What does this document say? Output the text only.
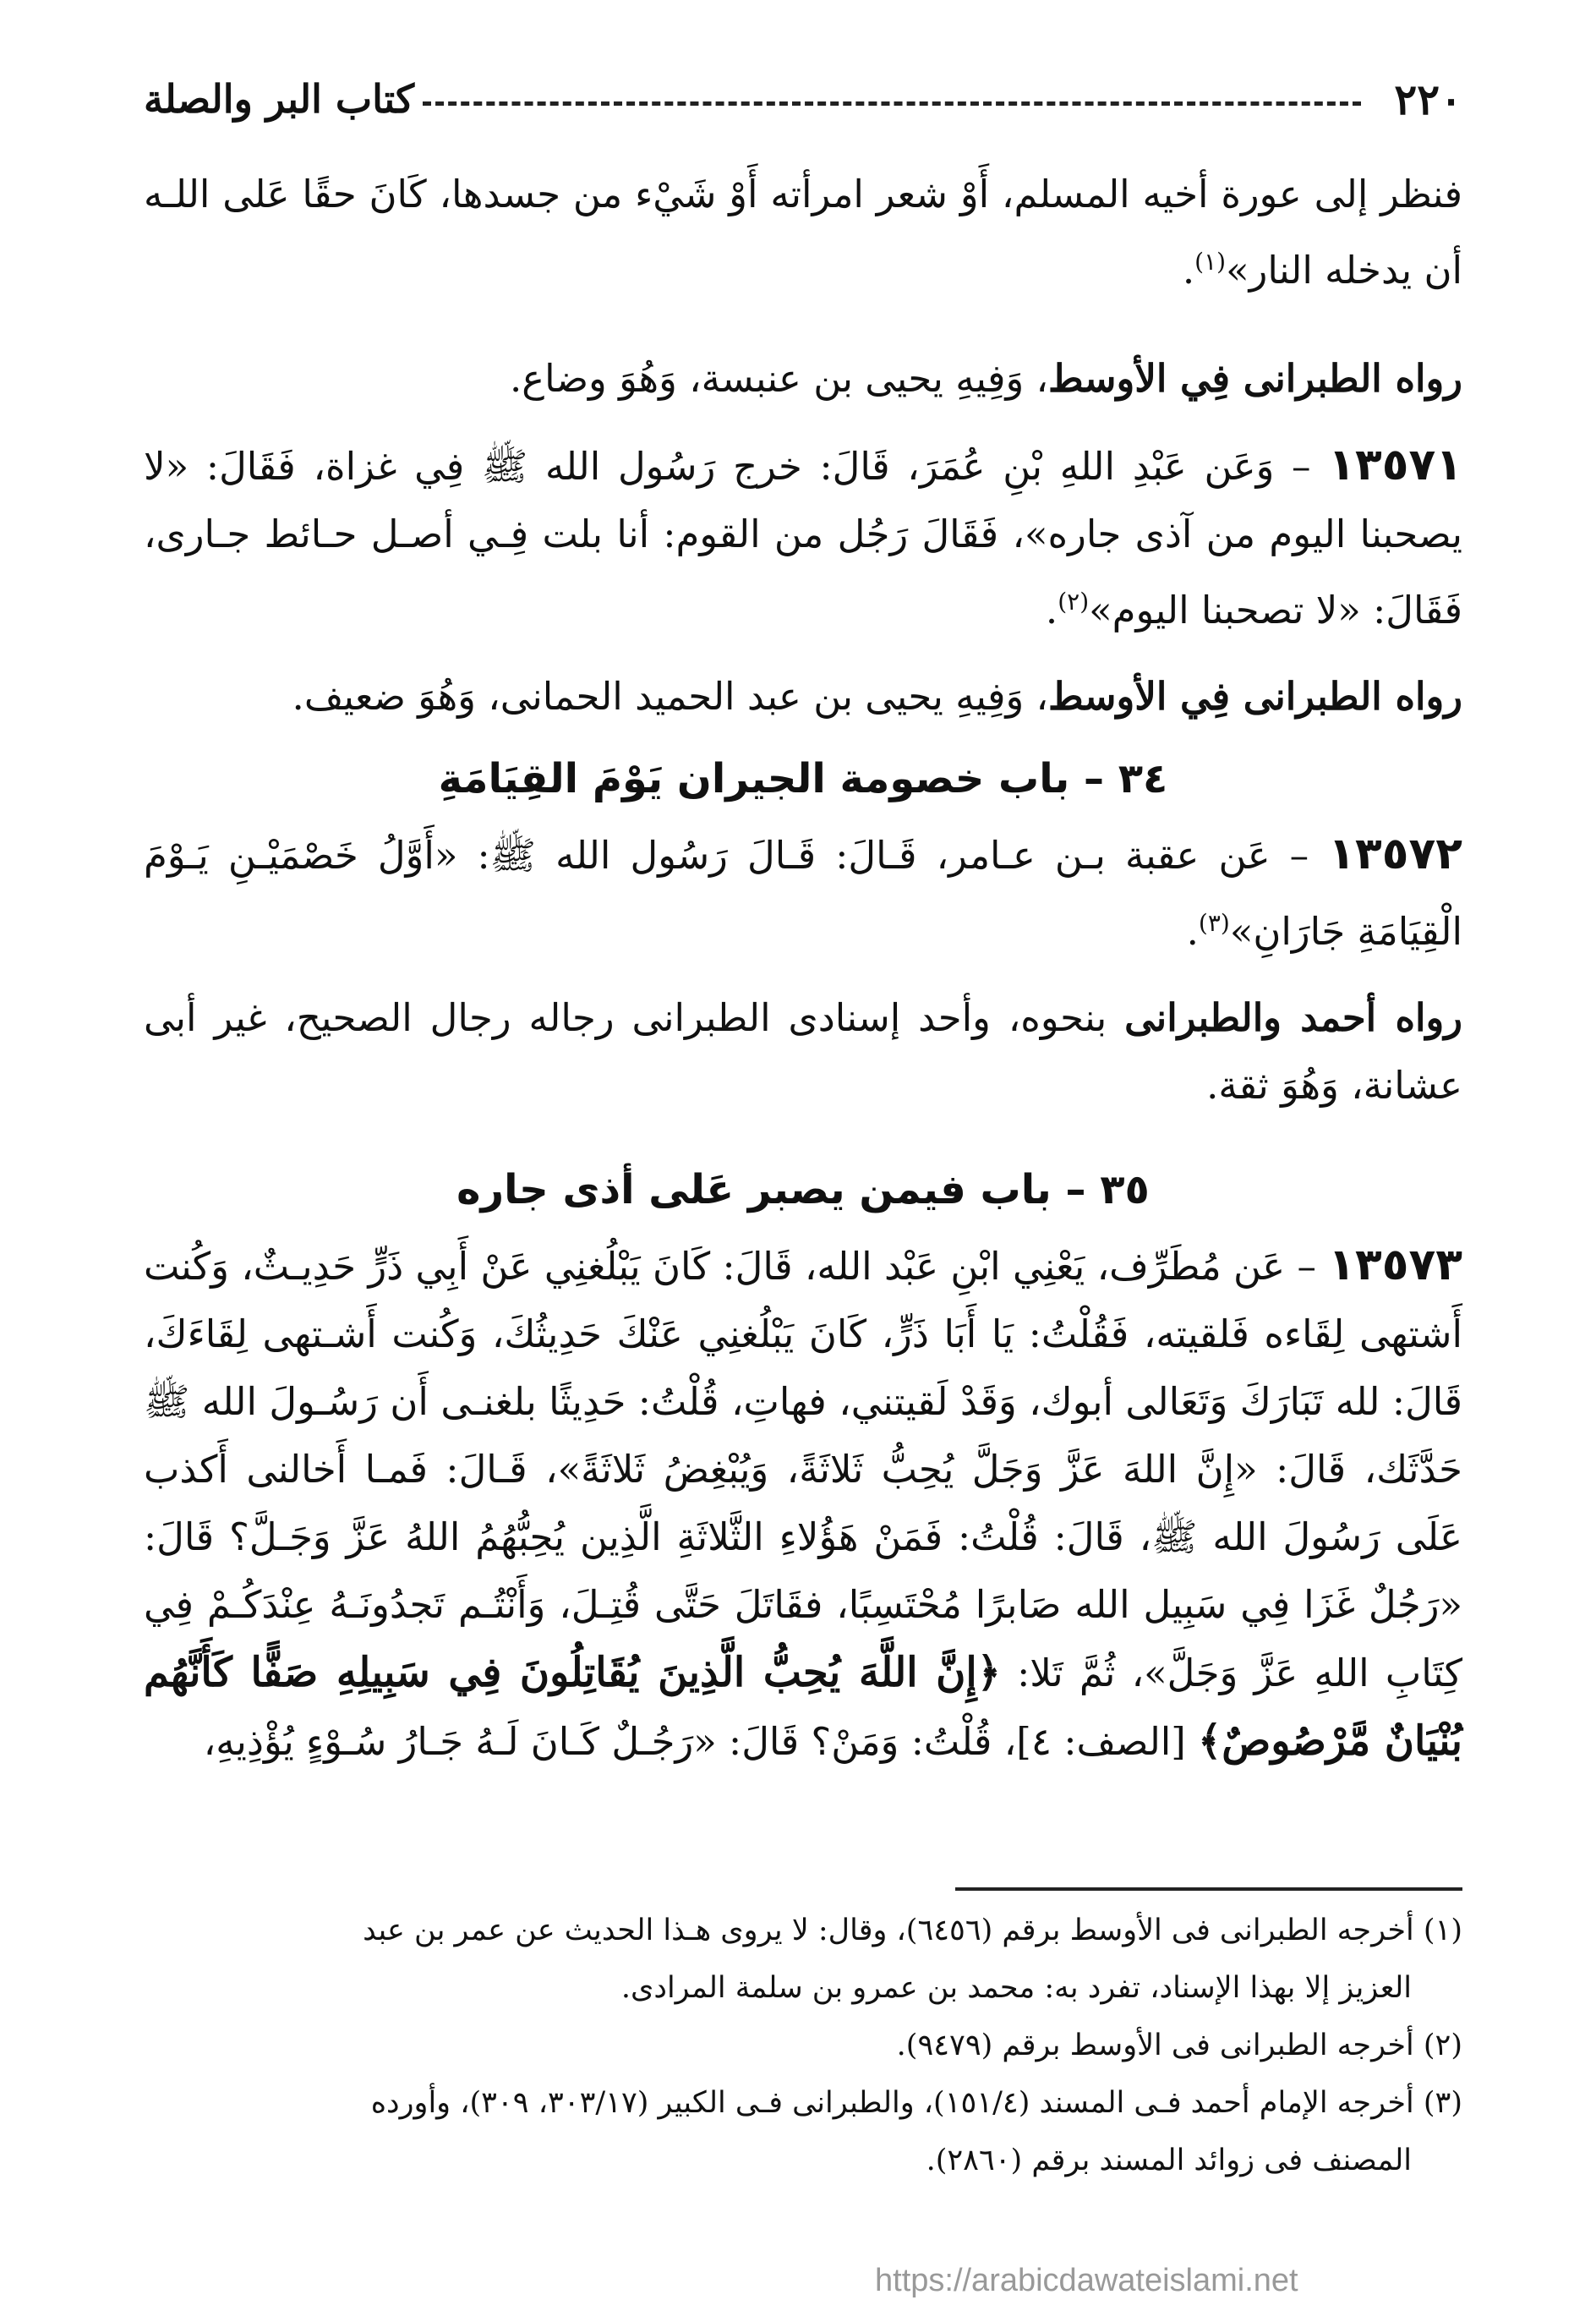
٢٢٠
كتاب البر والصلة

فنظر إلى عورة أخيه المسلم، أَوْ شعر امرأته أَوْ شَيْء من جسدها، كَانَ حقًا عَلى اللـه أن يدخله النار»$^{(١)}$.

رواه الطبرانى فِي الأوسط، وَفِيهِ يحيى بن عنبسة، وَهُوَ وضاع.

١٣٥٧١ – وَعَن عَبْدِ اللهِ بْنِ عُمَرَ، قَالَ: خرج رَسُول الله ﷺ فِي غزاة، فَقَالَ: «لا يصحبنا اليوم من آذى جاره»، فَقَالَ رَجُل من القوم: أنا بلت فِـي أصـل حـائط جـارى، فَقَالَ: «لا تصحبنا اليوم»$^{(٢)}$.

رواه الطبرانى فِي الأوسط، وَفِيهِ يحيى بن عبد الحميد الحمانى، وَهُوَ ضعيف.

٣٤ – باب خصومة الجيران يَوْمَ القِيَامَةِ

١٣٥٧٢ – عَن عقبة بـن عـامر، قَـالَ: قَـالَ رَسُول الله ﷺ: «أَوَّلُ خَصْمَيْـنِ يَـوْمَ الْقِيَامَةِ جَارَانِ»$^{(٣)}$.

رواه أحمد والطبرانى بنحوه، وأحد إسنادى الطبرانى رجاله رجال الصحيح، غير أبى عشانة، وَهُوَ ثقة.

٣٥ – باب فيمن يصبر عَلى أذى جاره

١٣٥٧٣ – عَن مُطَرِّف، يَعْنِي ابْنِ عَبْد الله، قَالَ: كَانَ يَبْلُغنِي عَنْ أَبِي ذَرٍّ حَدِيـثٌ، وَكُنت أَشتهى لِقَاءه فَلقيته، فَقُلْتُ: يَا أَبَا ذَرٍّ، كَانَ يَبْلُغنِي عَنْكَ حَدِيثُكَ، وَكُنت أَشـتهى لِقَاءَكَ، قَالَ: لله تَبَارَكَ وَتَعَالى أبوك، وَقَدْ لَقيتني، فهاتِ، قُلْتُ: حَدِيثًا بلغنـى أَن رَسُـولَ الله ﷺ حَدَّثَك، قَالَ: «إِنَّ اللهَ عَزَّ وَجَلَّ يُحِبُّ ثَلاثَةً، وَيُبْغِضُ ثَلاثَةً»، قَـالَ: فَمـا أَخالنى أَكذب عَلَى رَسُولَ الله ﷺ، قَالَ: قُلْتُ: فَمَنْ هَؤُلاءِ الثَّلاثَةِ الَّذِين يُحِبُّهُمُ اللهُ عَزَّ وَجَـلَّ؟ قَالَ: «رَجُلٌ غَزَا فِي سَبِيل الله صَابرًا مُحْتَسِبًا، فقَاتَلَ حَتَّى قُتِـلَ، وَأَنْتُـم تَجدُونَـهُ عِنْدَكُـمْ فِي كِتَابِ اللهِ عَزَّ وَجَلَّ»، ثُمَّ تَلا: ﴿إِنَّ اللَّهَ يُحِبُّ الَّذِينَ يُقَاتِلُونَ فِي سَبِيلِهِ صَفًّا كَأَنَّهُم بُنْيَانٌ مَّرْصُوصٌ﴾ [الصف: ٤]، قُلْتُ: وَمَنْ؟ قَالَ: «رَجُـلٌ كَـانَ لَـهُ جَـارُ سُـوْءٍ يُؤْذِيهِ،

(١) أخرجه الطبرانى فى الأوسط برقم (٦٤٥٦)، وقال: لا يروى هـذا الحديث عن عمر بن عبد
العزيز إلا بهذا الإسناد، تفرد به: محمد بن عمرو بن سلمة المرادى.
(٢) أخرجه الطبرانى فى الأوسط برقم (٩٤٧٩).
(٣) أخرجه الإمام أحمد فـى المسند (١٥١/٤)، والطبرانى فـى الكبير (٣٠٣/١٧، ٣٠٩)، وأورده
المصنف فى زوائد المسند برقم (٢٨٦٠).
https://arabicdawateislami.net
